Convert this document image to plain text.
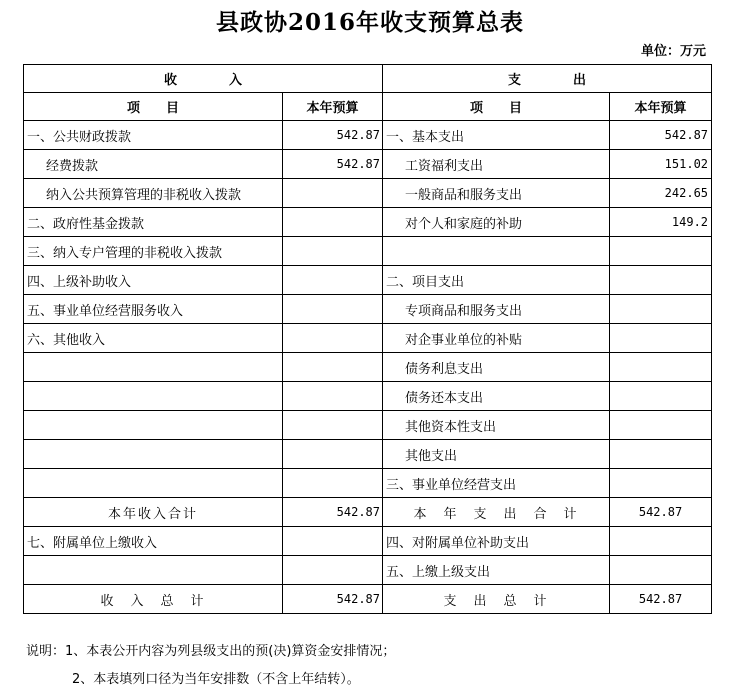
县政协2016年收支预算总表
单位：万元
收　　　　入		支　　　　出	
项　　目	本年预算	项　　目	本年预算
一、公共财政拨款	542.87	一、基本支出	542.87
经费拨款	542.87	工资福利支出	151.02
纳入公共预算管理的非税收入拨款		一般商品和服务支出	242.65
二、政府性基金拨款		对个人和家庭的补助	149.2
三、纳入专户管理的非税收入拨款			
四、上级补助收入		二、项目支出	
五、事业单位经营服务收入		专项商品和服务支出	
六、其他收入		对企事业单位的补贴	
		债务利息支出	
		债务还本支出	
		其他资本性支出	
		其他支出	
		三、事业单位经营支出	
本年收入合计	542.87	本　年　支　出　合　计	542.87
七、附属单位上缴收入		四、对附属单位补助支出	
		五、上缴上级支出	
收　入　总　计	542.87	支　出　总　计	542.87
说明：1、本表公开内容为列县级支出的预(决)算资金安排情况；
2、本表填列口径为当年安排数（不含上年结转）。
